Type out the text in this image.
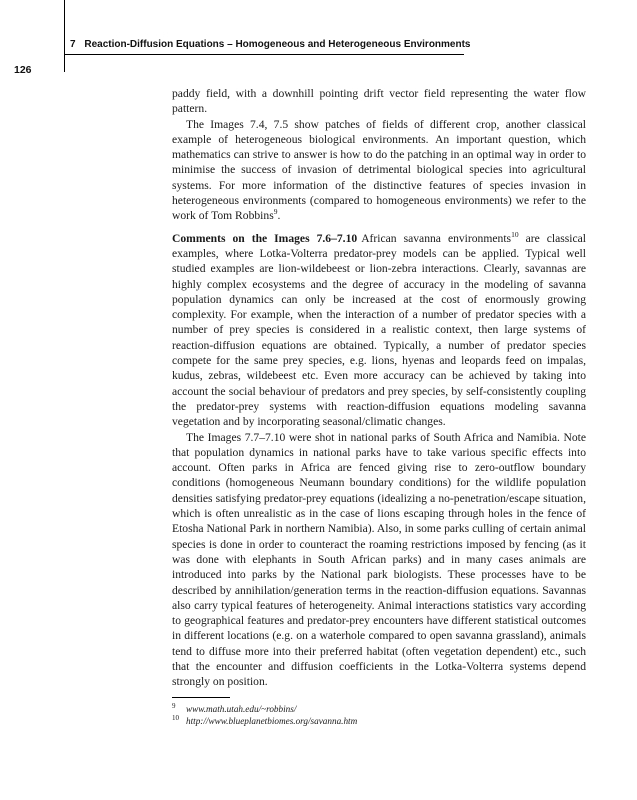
7 Reaction-Diffusion Equations – Homogeneous and Heterogeneous Environments
126

paddy field, with a downhill pointing drift vector field representing the water flow pattern.

The Images 7.4, 7.5 show patches of fields of different crop, another classical example of heterogeneous biological environments. An important question, which mathematics can strive to answer is how to do the patching in an optimal way in order to minimise the success of invasion of detrimental biological species into agricultural systems. For more information of the distinctive features of species invasion in heterogeneous environments (compared to homogeneous environments) we refer to the work of Tom Robbins$^9$.

Comments on the Images 7.6–7.10 African savanna environments$^{10}$ are classical examples, where Lotka-Volterra predator-prey models can be applied. Typical well studied examples are lion-wildebeest or lion-zebra interactions. Clearly, savannas are highly complex ecosystems and the degree of accuracy in the modeling of savanna population dynamics can only be increased at the cost of enormously growing complexity. For example, when the interaction of a number of predator species with a number of prey species is considered in a realistic context, then large systems of reaction-diffusion equations are obtained. Typically, a number of predator species compete for the same prey species, e.g. lions, hyenas and leopards feed on impalas, kudus, zebras, wildebeest etc. Even more accuracy can be achieved by taking into account the social behaviour of predators and prey species, by self-consistently coupling the predator-prey systems with reaction-diffusion equations modeling savanna vegetation and by incorporating seasonal/climatic changes.

The Images 7.7–7.10 were shot in national parks of South Africa and Namibia. Note that population dynamics in national parks have to take various specific effects into account. Often parks in Africa are fenced giving rise to zero-outflow boundary conditions (homogeneous Neumann boundary conditions) for the wildlife population densities satisfying predator-prey equations (idealizing a no-penetration/escape situation, which is often unrealistic as in the case of lions escaping through holes in the fence of Etosha National Park in northern Namibia). Also, in some parks culling of certain animal species is done in order to counteract the roaming restrictions imposed by fencing (as it was done with elephants in South African parks) and in many cases animals are introduced into parks by the National park biologists. These processes have to be described by annihilation/generation terms in the reaction-diffusion equations. Savannas also carry typical features of heterogeneity. Animal interactions statistics vary according to geographical features and predator-prey encounters have different statistical outcomes in different locations (e.g. on a waterhole compared to open savanna grassland), animals tend to diffuse more into their preferred habitat (often vegetation dependent) etc., such that the encounter and diffusion coefficients in the Lotka-Volterra systems depend strongly on position.

9 www.math.utah.edu/~robbins/
10 http://www.blueplanetbiomes.org/savanna.htm
